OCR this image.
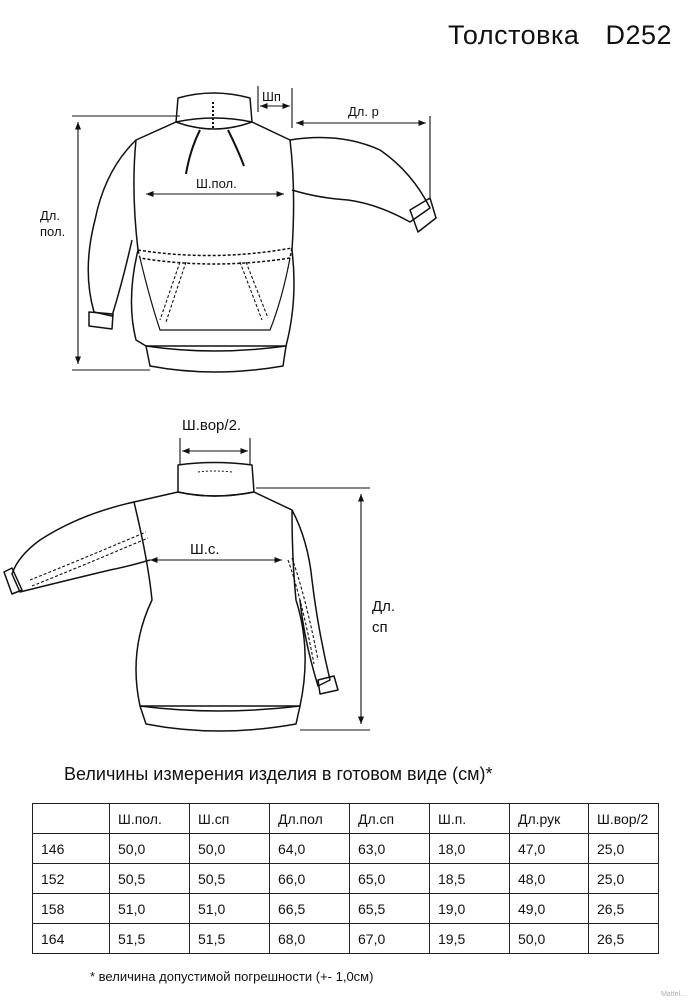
Толстовка D252
Шп
Дл. р
Ш.пол.
Дл.
пол.
Ш.вор/2.
Ш.с.
Дл.
сп
Величины измерения изделия в готовом виде (см)*
	Ш.пол.	Ш.сп	Дл.пол	Дл.сп	Ш.п.	Дл.рук	Ш.вор/2
146	50,0	50,0	64,0	63,0	18,0	47,0	25,0
152	50,5	50,5	66,0	65,0	18,5	48,0	25,0
158	51,0	51,0	66,5	65,5	19,0	49,0	26,5
164	51,5	51,5	68,0	67,0	19,5	50,0	26,5
* величина допустимой погрешности (+- 1,0см)
Mattel...
